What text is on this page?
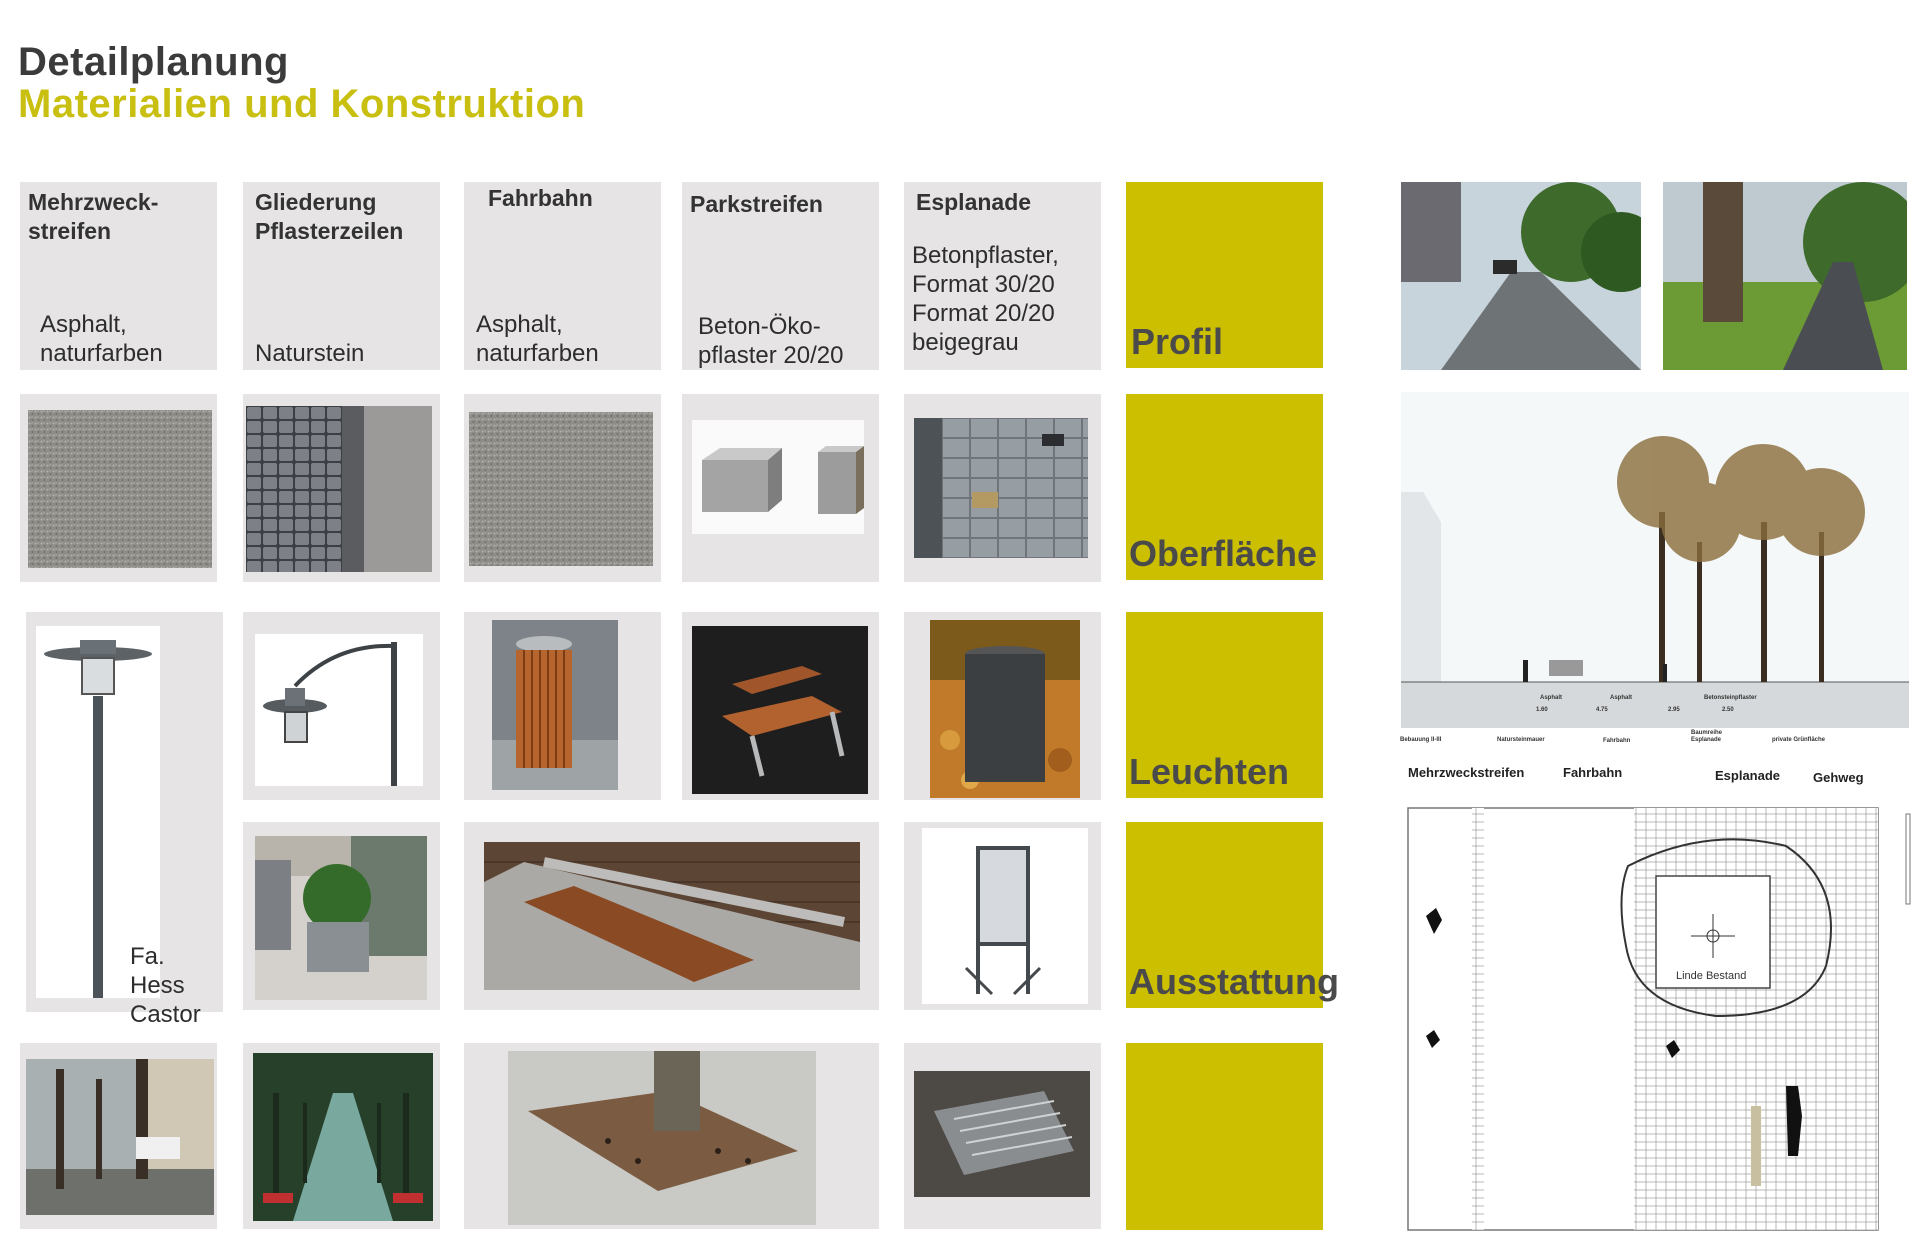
Detailplanung
Materialien und Konstruktion
Mehrzweck-
streifen
Asphalt,
naturfarben
Gliederung
Pflasterzeilen
Naturstein
Fahrbahn
Asphalt,
naturfarben
Parkstreifen
Beton-Öko-
pflaster 20/20
Esplanade
Betonpflaster,
Format 30/20
Format 20/20
beigegrau	Profil
Oberfläche
Leuchten
Ausstattung
Fa. Hess
Castor
Bebauung II-III	Natursteinmauer	Fahrbahn
Baumreihe
Esplanade	private Grünfläche
Asphalt	Asphalt	Betonsteinpflaster
1.60	4.75	2.95	2.50
Mehrzweckstreifen	Fahrbahn	Esplanade	Gehweg
Linde Bestand
